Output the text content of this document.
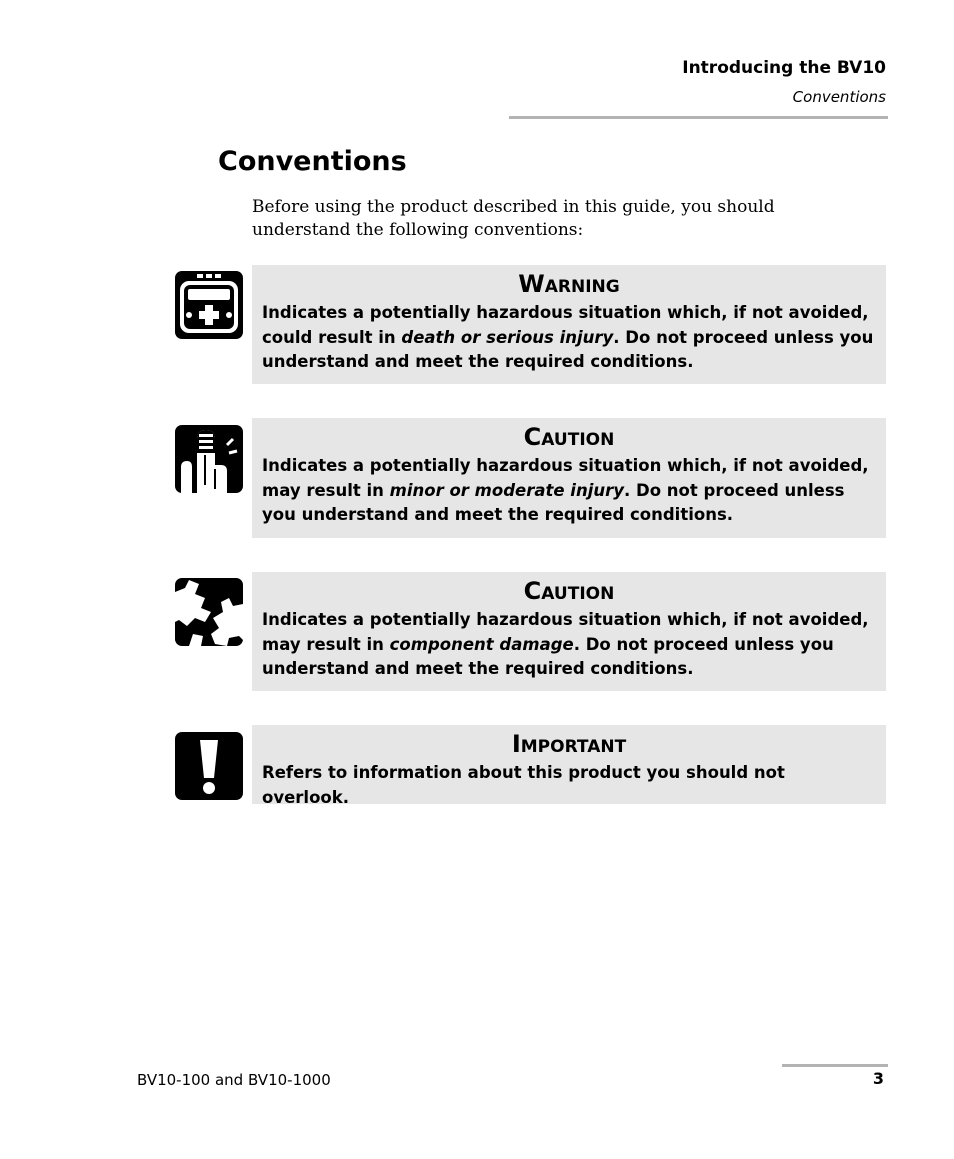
Introducing the BV10
Conventions
Conventions

Before using the product described in this guide, you should understand the following conventions:

Warning
Indicates a potentially hazardous situation which, if not avoided, could result in death or serious injury. Do not proceed unless you understand and meet the required conditions.
Caution
Indicates a potentially hazardous situation which, if not avoided, may result in minor or moderate injury. Do not proceed unless you understand and meet the required conditions.
Caution
Indicates a potentially hazardous situation which, if not avoided, may result in component damage. Do not proceed unless you understand and meet the required conditions.
Important
Refers to information about this product you should not overlook.
BV10-100 and BV10-1000	3
